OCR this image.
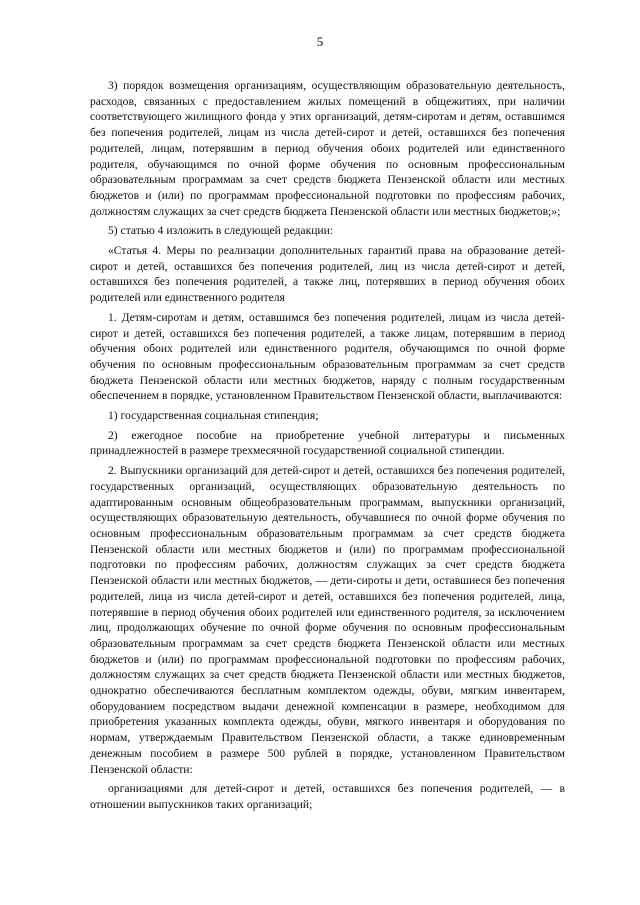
5

3) порядок возмещения организациям, осуществляющим образовательную деятельность, расходов, связанных с предоставлением жилых помещений в общежитиях, при наличии соответствующего жилищного фонда у этих организаций, детям-сиротам и детям, оставшимся без попечения родителей, лицам из числа детей-сирот и детей, оставшихся без попечения родителей, лицам, потерявшим в период обучения обоих родителей или единственного родителя, обучающимся по очной форме обучения по основным профессиональным образовательным программам за счет средств бюджета Пензенской области или местных бюджетов и (или) по программам профессиональной подготовки по профессиям рабочих, должностям служащих за счет средств бюджета Пензенской области или местных бюджетов;»;

5) статью 4 изложить в следующей редакции:

«Статья 4. Меры по реализации дополнительных гарантий права на образование детей-сирот и детей, оставшихся без попечения родителей, лиц из числа детей-сирот и детей, оставшихся без попечения родителей, а также лиц, потерявших в период обучения обоих родителей или единственного родителя

1. Детям-сиротам и детям, оставшимся без попечения родителей, лицам из числа детей-сирот и детей, оставшихся без попечения родителей, а также лицам, потерявшим в период обучения обоих родителей или единственного родителя, обучающимся по очной форме обучения по основным профессиональным образовательным программам за счет средств бюджета Пензенской области или местных бюджетов, наряду с полным государственным обеспечением в порядке, установленном Правительством Пензенской области, выплачиваются:

1) государственная социальная стипендия;

2) ежегодное пособие на приобретение учебной литературы и письменных принадлежностей в размере трехмесячной государственной социальной стипендии.

2. Выпускники организаций для детей-сирот и детей, оставшихся без попечения родителей, государственных организаций, осуществляющих образовательную деятельность по адаптированным основным общеобразовательным программам, выпускники организаций, осуществляющих образовательную деятельность, обучавшиеся по очной форме обучения по основным профессиональным образовательным программам за счет средств бюджета Пензенской области или местных бюджетов и (или) по программам профессиональной подготовки по профессиям рабочих, должностям служащих за счет средств бюджета Пензенской области или местных бюджетов, — дети-сироты и дети, оставшиеся без попечения родителей, лица из числа детей-сирот и детей, оставшихся без попечения родителей, лица, потерявшие в период обучения обоих родителей или единственного родителя, за исключением лиц, продолжающих обучение по очной форме обучения по основным профессиональным образовательным программам за счет средств бюджета Пензенской области или местных бюджетов и (или) по программам профессиональной подготовки по профессиям рабочих, должностям служащих за счет средств бюджета Пензенской области или местных бюджетов, однократно обеспечиваются бесплатным комплектом одежды, обуви, мягким инвентарем, оборудованием посредством выдачи денежной компенсации в размере, необходимом для приобретения указанных комплекта одежды, обуви, мягкого инвентаря и оборудования по нормам, утверждаемым Правительством Пензенской области, а также единовременным денежным пособием в размере 500 рублей в порядке, установленном Правительством Пензенской области:

организациями для детей-сирот и детей, оставшихся без попечения родителей, — в отношении выпускников таких организаций;
